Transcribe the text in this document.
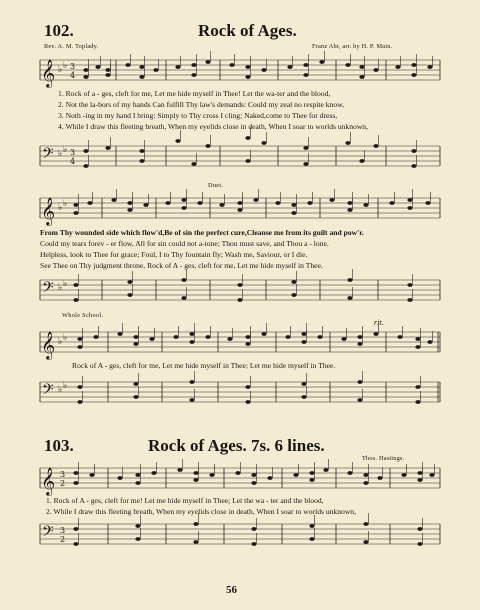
102.	Rock of Ages.
Rev. A. M. Toplady.	Franz Abt, arr. by H. P. Main.
𝄞 ♭ ♭ 3
4
1. Rock of a - ges, cleft for me, Let me hide myself in Thee! Let the wa-ter and the blood,
2. Not the la-bors of my hands Can fulfill Thy law's demands: Could my zeal no respite know,
3. Noth -ing in my hand I bring: Simply to Thy cross I cling; Naked,come to Thee for dress,
4. While I draw this fleeting breath, When my eyelids close in death, When I soar to worlds unknown,
𝄢 ♭ ♭ 3
4
Duet.
𝄞 ♭ ♭
From Thy wounded side which flow'd,Be of sin the perfect cure,Cleanse me from its guilt and pow'r.
Could my tears forev - er flow, All for sin could not a-tone; Thou must save, and Thou a - lone.
Helpless, look to Thee for grace; Foul, I to Thy fountain fly; Wash me, Saviour, or I die.
See Thee on Thy judgment throne, Rock of A - ges, cleft for me, Let me hide myself in Thee.
𝄢 ♭ ♭
Whole School.
rit.
𝄞 ♭ ♭
Rock of A - ges, cleft for me, Let me hide myself in Thee; Let me hide myself in Thee.
𝄢 ♭ ♭
103.	Rock of Ages. 7s. 6 lines.
Thos. Hastings.
𝄞 3
2
1. Rock of A - ges, cleft for me! Let me hide myself in Thee; Let the wa - ter and the blood,
2. While I draw this fleeting breath, When my eyelids close in death, When I soar to worlds unknown,
𝄢 3
2
56
